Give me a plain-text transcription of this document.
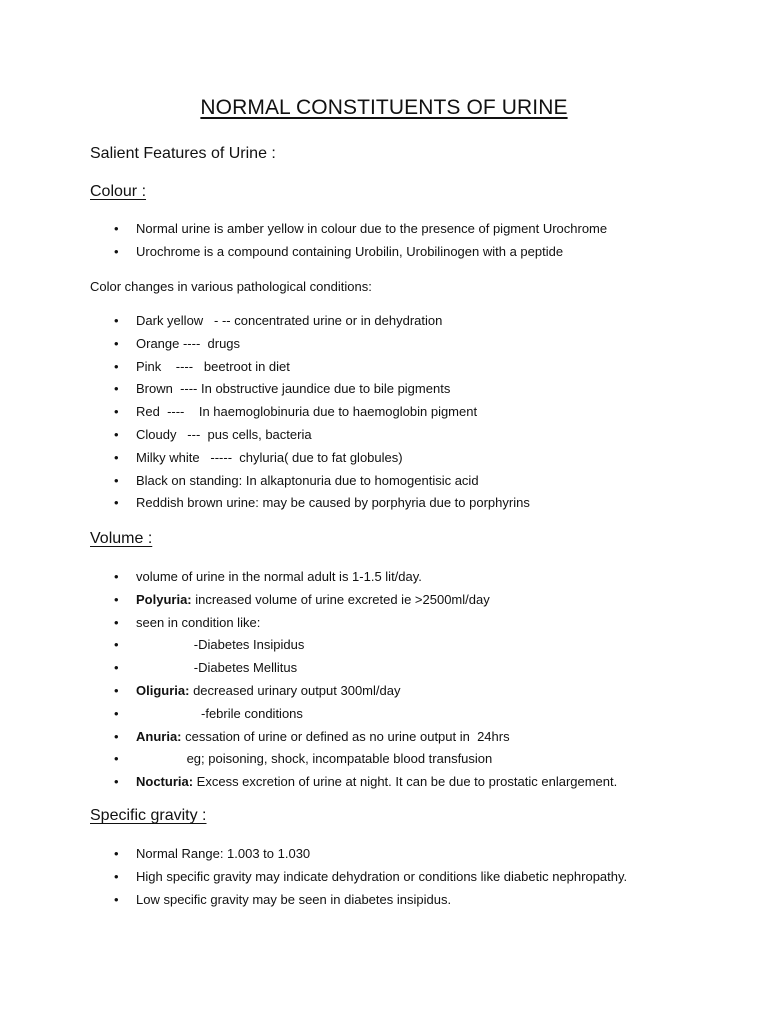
NORMAL CONSTITUENTS OF URINE

Salient Features of Urine :

Colour :

• Normal urine is amber yellow in colour due to the presence of pigment Urochrome
• Urochrome is a compound containing Urobilin, Urobilinogen with a peptide

Color changes in various pathological conditions:

• Dark yellow   - -- concentrated urine or in dehydration
• Orange ----  drugs
• Pink    ----   beetroot in diet
• Brown  ---- In obstructive jaundice due to bile pigments
• Red  ----    In haemoglobinuria due to haemoglobin pigment
• Cloudy   ---  pus cells, bacteria
• Milky white   -----  chyluria( due to fat globules)
• Black on standing: In alkaptonuria due to homogentisic acid
• Reddish brown urine: may be caused by porphyria due to porphyrins

Volume :

• volume of urine in the normal adult is 1-1.5 lit/day.
• Polyuria: increased volume of urine excreted ie >2500ml/day
• seen in condition like:
• -Diabetes Insipidus
• -Diabetes Mellitus
• Oliguria: decreased urinary output 300ml/day
• -febrile conditions
• Anuria: cessation of urine or defined as no urine output in  24hrs
• eg; poisoning, shock, incompatable blood transfusion
• Nocturia: Excess excretion of urine at night. It can be due to prostatic enlargement.

Specific gravity :

• Normal Range: 1.003 to 1.030
• High specific gravity may indicate dehydration or conditions like diabetic nephropathy.
• Low specific gravity may be seen in diabetes insipidus.
